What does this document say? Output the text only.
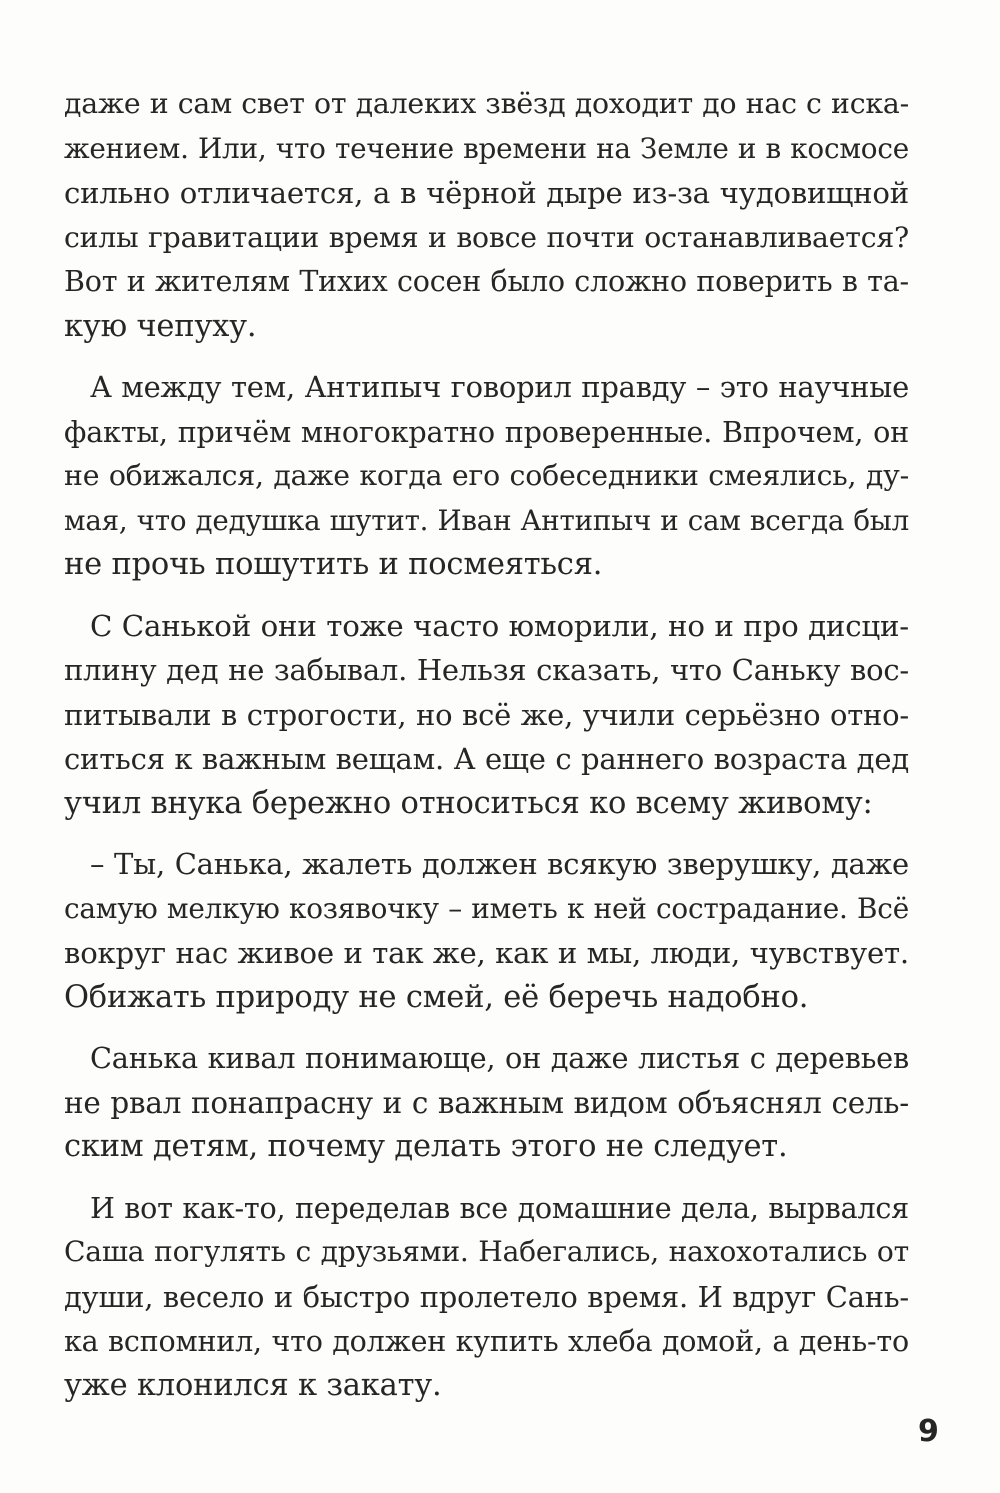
даже и сам свет от далеких звёзд доходит до нас с иска-
жением. Или, что течение времени на Земле и в космосе
сильно отличается, а в чёрной дыре из-за чудовищной
силы гравитации время и вовсе почти останавливается?
Вот и жителям Тихих сосен было сложно поверить в та-
кую чепуху.
А между тем, Антипыч говорил правду – это научные
факты, причём многократно проверенные. Впрочем, он
не обижался, даже когда его собеседники смеялись, ду-
мая, что дедушка шутит. Иван Антипыч и сам всегда был
не прочь пошутить и посмеяться.
С Санькой они тоже часто юморили, но и про дисци-
плину дед не забывал. Нельзя сказать, что Саньку вос-
питывали в строгости, но всё же, учили серьёзно отно-
ситься к важным вещам. А еще с раннего возраста дед
учил внука бережно относиться ко всему живому:
– Ты, Санька, жалеть должен всякую зверушку, даже
самую мелкую козявочку – иметь к ней сострадание. Всё
вокруг нас живое и так же, как и мы, люди, чувствует.
Обижать природу не смей, её беречь надобно.
Санька кивал понимающе, он даже листья с деревьев
не рвал понапрасну и с важным видом объяснял сель-
ским детям, почему делать этого не следует.
И вот как-то, переделав все домашние дела, вырвался
Саша погулять с друзьями. Набегались, нахохотались от
души, весело и быстро пролетело время. И вдруг Сань-
ка вспомнил, что должен купить хлеба домой, а день-то
уже клонился к закату.
9
